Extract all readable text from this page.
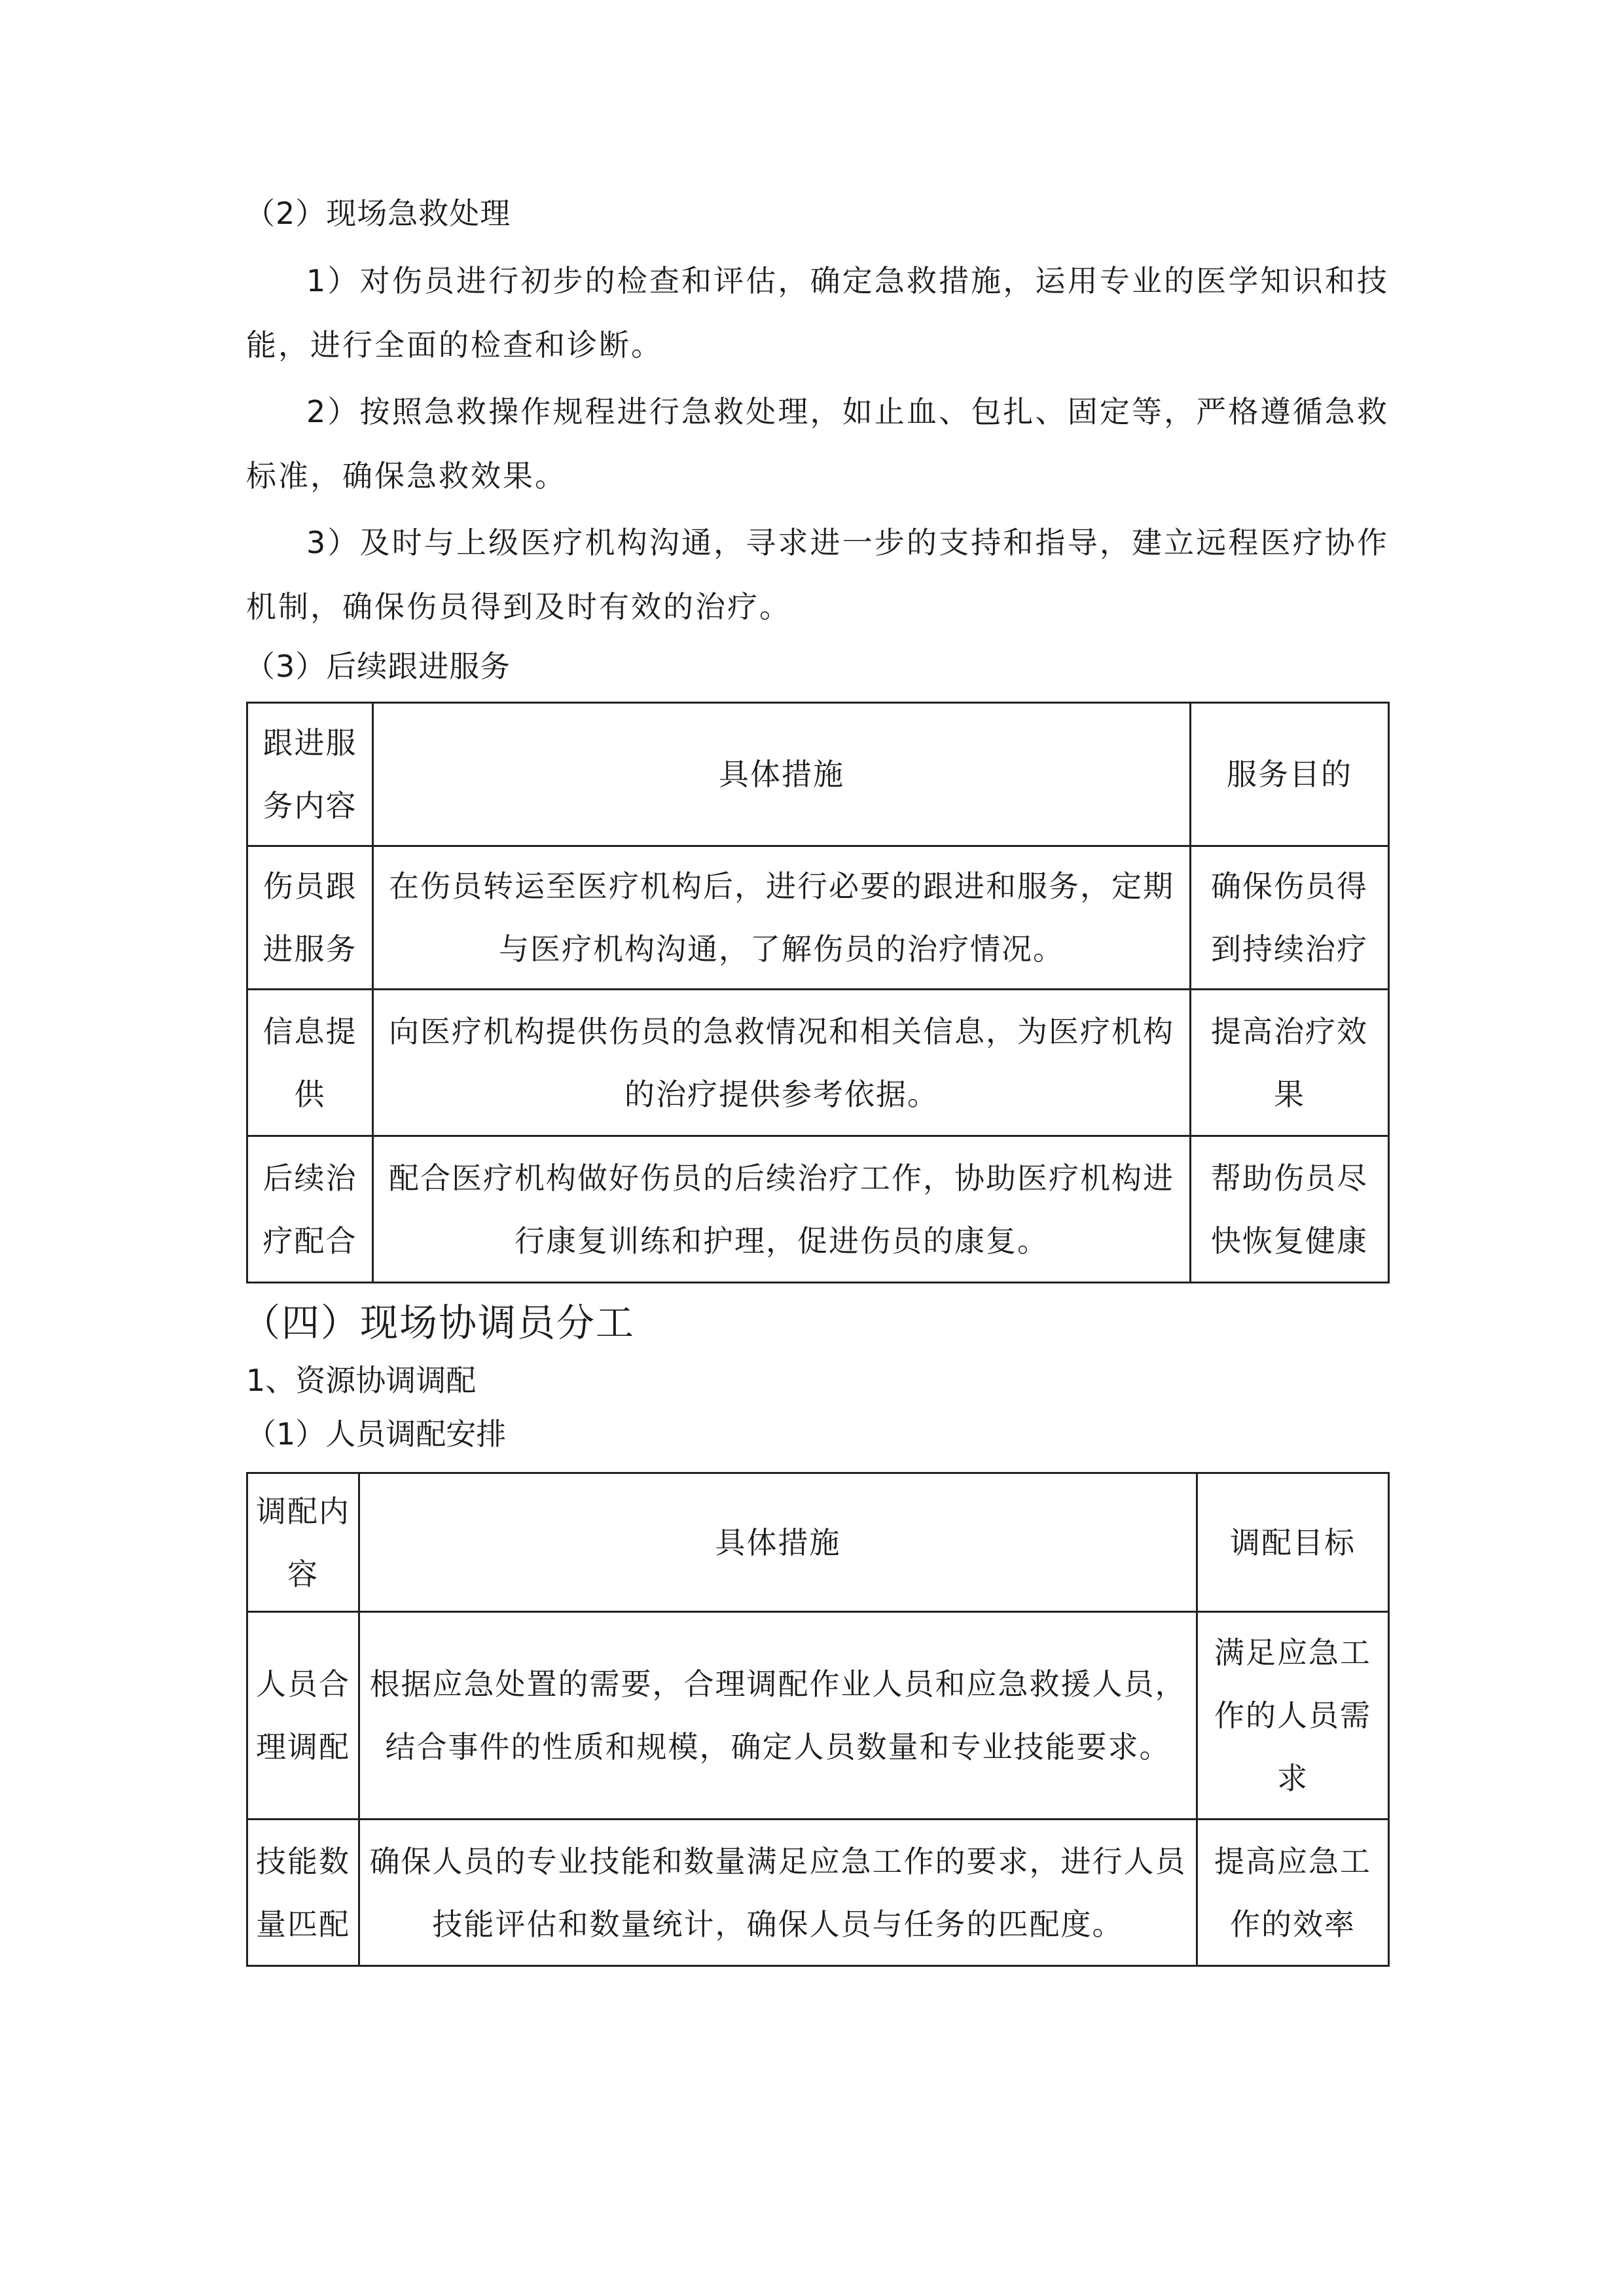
（2）现场急救处理

1）对伤员进行初步的检查和评估，确定急救措施，运用专业的医学知识和技能，进行全面的检查和诊断。

2）按照急救操作规程进行急救处理，如止血、包扎、固定等，严格遵循急救标准，确保急救效果。

3）及时与上级医疗机构沟通，寻求进一步的支持和指导，建立远程医疗协作机制，确保伤员得到及时有效的治疗。

（3）后续跟进服务
跟进服务内容	具体措施	服务目的
伤员跟进服务	在伤员转运至医疗机构后，进行必要的跟进和服务，定期与医疗机构沟通，了解伤员的治疗情况。	确保伤员得到持续治疗
信息提供	向医疗机构提供伤员的急救情况和相关信息，为医疗机构的治疗提供参考依据。	提高治疗效果
后续治疗配合	配合医疗机构做好伤员的后续治疗工作，协助医疗机构进行康复训练和护理，促进伤员的康复。	帮助伤员尽快恢复健康
（四）现场协调员分工
1、资源协调调配
（1）人员调配安排
调配内容	具体措施	调配目标
人员合理调配	根据应急处置的需要，合理调配作业人员和应急救援人员，结合事件的性质和规模，确定人员数量和专业技能要求。	满足应急工作的人员需求
技能数量匹配	确保人员的专业技能和数量满足应急工作的要求，进行人员技能评估和数量统计，确保人员与任务的匹配度。	提高应急工作的效率
